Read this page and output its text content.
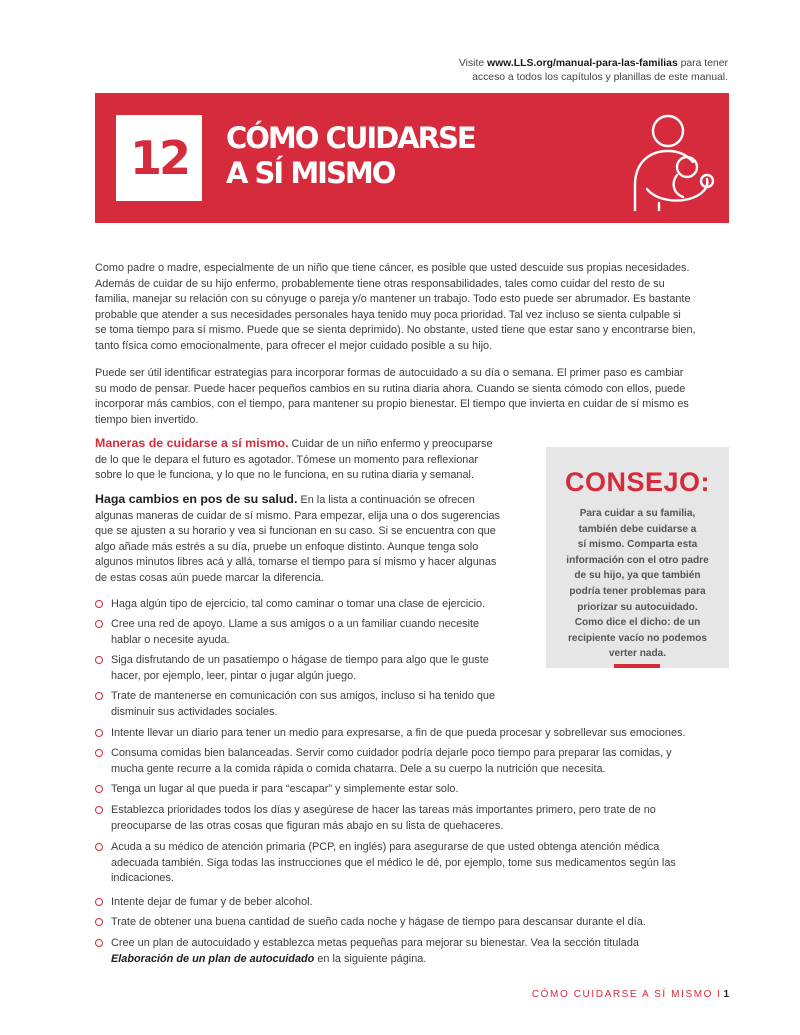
Visite www.LLS.org/manual-para-las-familias para tener
acceso a todos los capítulos y planillas de este manual.
12	CÓMO CUIDARSE
A SÍ MISMO
Como padre o madre, especialmente de un niño que tiene cáncer, es posible que usted descuide sus propias necesidades.
Además de cuidar de su hijo enfermo, probablemente tiene otras responsabilidades, tales como cuidar del resto de su
familia, manejar su relación con su cónyuge o pareja y/o mantener un trabajo. Todo esto puede ser abrumador. Es bastante
probable que atender a sus necesidades personales haya tenido muy poca prioridad. Tal vez incluso se sienta culpable si
se toma tiempo para sí mismo. Puede que se sienta deprimido). No obstante, usted tiene que estar sano y encontrarse bien,
tanto física como emocionalmente, para ofrecer el mejor cuidado posible a su hijo.
Puede ser útil identificar estrategias para incorporar formas de autocuidado a su día o semana. El primer paso es cambiar
su modo de pensar. Puede hacer pequeños cambios en su rutina diaria ahora. Cuando se sienta cómodo con ellos, puede
incorporar más cambios, con el tiempo, para mantener su propio bienestar. El tiempo que invierta en cuidar de sí mismo es
tiempo bien invertido.
Maneras de cuidarse a sí mismo. Cuidar de un niño enfermo y preocuparse
de lo que le depara el futuro es agotador. Tómese un momento para reflexionar
sobre lo que le funciona, y lo que no le funciona, en su rutina diaria y semanal.
Haga cambios en pos de su salud. En la lista a continuación se ofrecen
algunas maneras de cuidar de sí mismo. Para empezar, elija una o dos sugerencias
que se ajusten a su horario y vea si funcionan en su caso. Si se encuentra con que
algo añade más estrés a su día, pruebe un enfoque distinto. Aunque tenga solo
algunos minutos libres acá y allá, tomarse el tiempo para sí mismo y hacer algunas
de estas cosas aún puede marcar la diferencia.
CONSEJO:
Para cuidar a su familia,
también debe cuidarse a
sí mismo. Comparta esta
información con el otro padre
de su hijo, ya que también
podría tener problemas para
priorizar su autocuidado.
Como dice el dicho: de un
recipiente vacío no podemos
verter nada.
Haga algún tipo de ejercicio, tal como caminar o tomar una clase de ejercicio.
Cree una red de apoyo. Llame a sus amigos o a un familiar cuando necesite
hablar o necesite ayuda.
Siga disfrutando de un pasatiempo o hágase de tiempo para algo que le guste
hacer, por ejemplo, leer, pintar o jugar algún juego.
Trate de mantenerse en comunicación con sus amigos, incluso si ha tenido que
disminuir sus actividades sociales.
Intente llevar un diario para tener un medio para expresarse, a fin de que pueda procesar y sobrellevar sus emociones.
Consuma comidas bien balanceadas. Servir como cuidador podría dejarle poco tiempo para preparar las comidas, y
mucha gente recurre a la comida rápida o comida chatarra. Dele a su cuerpo la nutrición que necesita.
Tenga un lugar al que pueda ir para “escapar” y simplemente estar solo.
Establezca prioridades todos los días y asegúrese de hacer las tareas más importantes primero, pero trate de no
preocuparse de las otras cosas que figuran más abajo en su lista de quehaceres.
Acuda a su médico de atención primaria (PCP, en inglés) para asegurarse de que usted obtenga atención médica
adecuada también. Siga todas las instrucciones que el médico le dé, por ejemplo, tome sus medicamentos según las
indicaciones.
Intente dejar de fumar y de beber alcohol.
Trate de obtener una buena cantidad de sueño cada noche y hágase de tiempo para descansar durante el día.
Cree un plan de autocuidado y establezca metas pequeñas para mejorar su bienestar. Vea la sección titulada
Elaboración de un plan de autocuidado en la siguiente página.
CÓMO CUIDARSE A SÍ MISMO I 1
